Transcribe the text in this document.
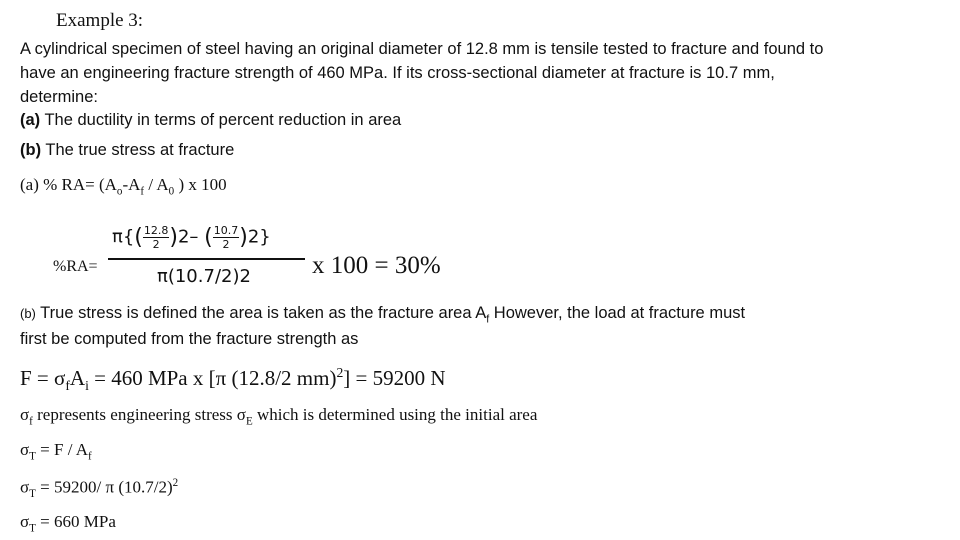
Example 3:
A cylindrical specimen of steel having an original diameter of 12.8 mm is tensile tested to fracture and found to
have an engineering fracture strength of 460 MPa. If its cross-sectional diameter at fracture is 10.7 mm,
determine:
(a) The ductility in terms of percent reduction in area
(b) The true stress at fracture
(a) % $RA= (A_o-A_f / A_0$ ) x 100
%RA=
$\pi\{( \frac{12.8}{2} )2-$ ( $\frac{10.7}{2} )2$}
π(10.7/2)2 x 100 = 30%
(b) True stress is defined the area is taken as the fracture area $A_f$ However, the load at fracture must
first be computed from the fracture strength as
$F = \sigma_fA_i = 460$ MPa x [π (12.8/2 mm)$^2$] = 59200 N
$\sigma_f$ represents engineering stress $\sigma_E$ which is determined using the initial area
$\sigma_T = F / A_f$
$\sigma_T = 59200/$ π $(10.7/2)^2$
$\sigma_T = 660$ MPa
